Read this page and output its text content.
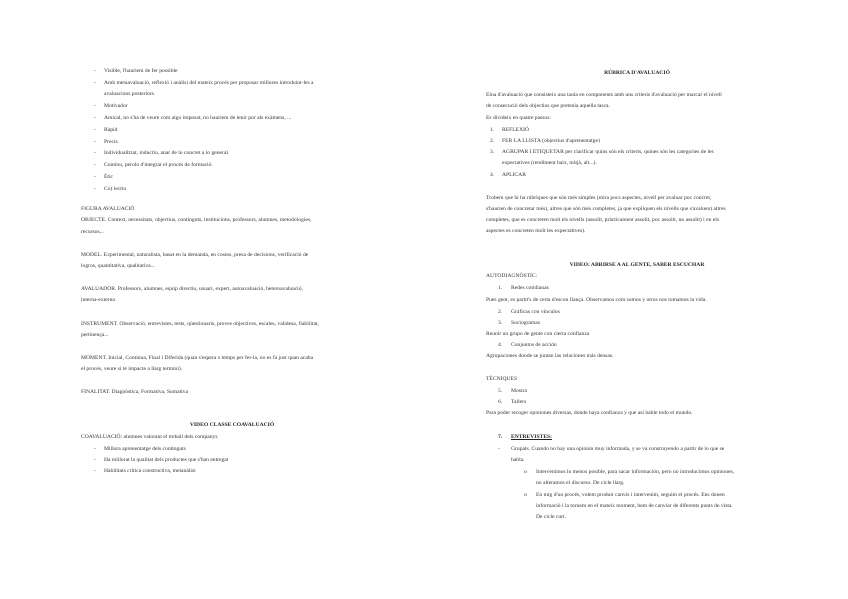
- Visible, l'hauriem de fer possible
- Amb metaavaluació, reflexió i anàlisi del mateix procés per proposar millores introduint-les a
avaluacions posteriors.
- Motivador
- Amical, no s'ha de veure com algo imposat, no hauriem de tenir por als exàmens, ...
- Ràpid
- Precís
- Individualitzat, inductiu, anar de lo concret a lo general.
- Contínu, perolo d'integrar el procés de formació.
- Ètic
- Co) lectiu
FIGURA AVALUACIÓ
OBJECTE. Context, necessitats, objectius, continguts, institucions, professors, alumnes, metodologies,
recursos...
MODEL. Experimental, naturalista, basat en la demanda, en costos, presa de decisions, verificació de
logros, quantitativa, qualitativa...
AVALUADOR. Professors, alumnes, equip directiu, usuari, expert, autoavaluació, heteroavaluació,
interna-externa
INSTRUMENT. Observació, entrevistes, tests, qüestionaris, proves objectives, escales, validesa, fiabilitat,
pertinença...
MOMENT. Inicial, Continua, Final i Diferida (quan s'espera x temps per fer-la, no es fa just quan acaba
el procés, veure si té impacte a llarg termini).
FINALITAT. Diagnòstica, Formativa, Sumativa
VIDEO CLASSE COAVALUACIÓ
COAVALUACIÓ: alumnes valorant el treball dels companys
- Millora aprenentatge dels continguts
- Ha millorat la qualitat dels productes que s'han entregat
- Habilitats crítica constructiva, metanàlisi
RÚBRICA D'AVALUACIÓ
Eina d'avaluació que consisteix una taula en components amb uns criteris d'avaluació per marcar el nivell
de consecució dels objectius que pretenia aquella tasca.
Es divideix en quatre passos:
1. REFLEXIÓ
2. FER LA LLISTA (objectius d'aprenentatge)
3. AGRUPAR I ETIQUETAR per clarificar quins són els criteris, quines són les categories de les
expectatives (rendiment baix, mitjà, alt...).
4. APLICAR
Trobem que hi ha rúbriques que són més simples (mira pocs aspectes, nivell per avaluar poc concret,
s'haurien de concretar més), altres que són més completes, ja que expliquen els nivells que s'avaluen) altres
completes, que es concreten molt els nivells (assolit, pràcticament assolit, poc assolit, no assolit) i en els
aspectes es concreten molt les expectatives).
VIDEO: ABRIRSE A AL GENTE, SABER ESCUCHAR
AUTODIAGNÒSTIC:
1. Redes cotidianas
Pues gent, es partit's de certa d'escon fiança. Observamos com somos y otros nos tomamos la vida.
2. Gráficas con vínculos
3. Sociogramas
Reunir un grupo de gente con cierta confianza
4. Conjuntos de acción
Agrupaciones donde se juntan las relaciones más densas.
TÈCNIQUES
5. Mostra
6. Tallers
Para poder recoger opiniones diversas, donde haya confianza y que así hable todo el mundo.
7. ENTREVISTES:
- Grupals. Cuando no hay una opinion muy informada, y se va construyendo a partir de lo que se
habla.
o Intervenimos lo menos posible, para sacar información, pero no introducimos opiniones,
no alteramos el discurso. De cicle llarg.
o En mig d'un procés, volem produir canvis i intervenim, seguim el procés. Ens donen
informació i la tornem en el mateix moment, hem de canviar de diferents punts de vista.
De cicle curt.
